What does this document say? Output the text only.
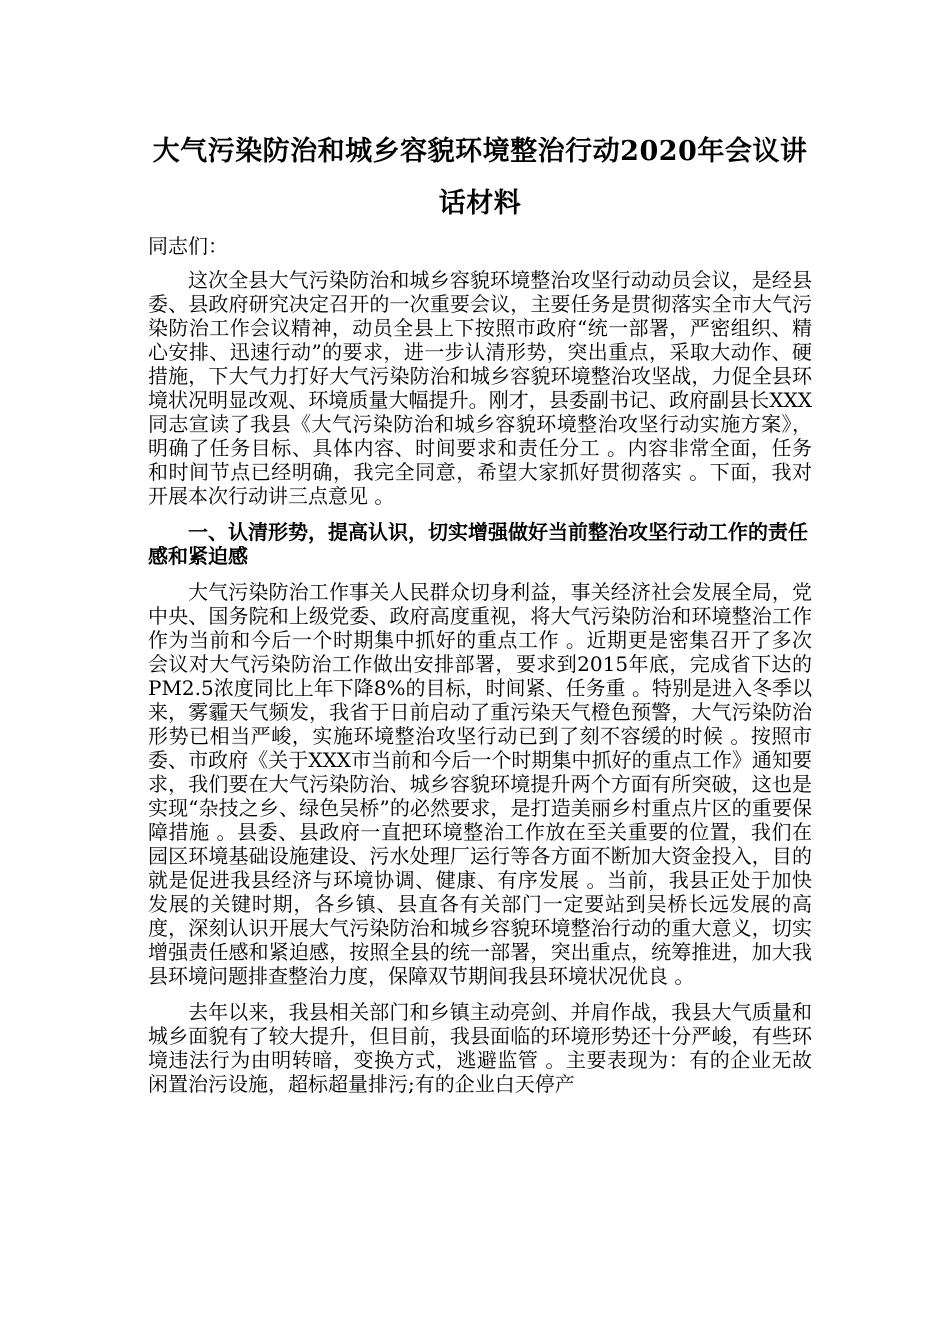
大气污染防治和城乡容貌环境整治行动2020年会议讲话材料

同志们：

这次全县大气污染防治和城乡容貌环境整治攻坚行动动员会议，是经县委、县政府研究决定召开的一次重要会议，主要任务是贯彻落实全市大气污染防治工作会议精神，动员全县上下按照市政府“统一部署，严密组织、精心安排、迅速行动”的要求，进一步认清形势，突出重点，采取大动作、硬措施，下大气力打好大气污染防治和城乡容貌环境整治攻坚战，力促全县环境状况明显改观、环境质量大幅提升。刚才，县委副书记、政府副县长XXX同志宣读了我县《大气污染防治和城乡容貌环境整治攻坚行动实施方案》，明确了任务目标、具体内容、时间要求和责任分工 。内容非常全面，任务和时间节点已经明确，我完全同意，希望大家抓好贯彻落实 。下面，我对开展本次行动讲三点意见 。

一、认清形势，提高认识，切实增强做好当前整治攻坚行动工作的责任感和紧迫感

大气污染防治工作事关人民群众切身利益，事关经济社会发展全局，党中央、国务院和上级党委、政府高度重视，将大气污染防治和环境整治工作作为当前和今后一个时期集中抓好的重点工作 。近期更是密集召开了多次会议对大气污染防治工作做出安排部署，要求到2015年底，完成省下达的PM2.5浓度同比上年下降8%的目标，时间紧、任务重 。特别是进入冬季以来，雾霾天气频发，我省于日前启动了重污染天气橙色预警，大气污染防治形势已相当严峻，实施环境整治攻坚行动已到了刻不容缓的时候 。按照市委、市政府《关于XXX市当前和今后一个时期集中抓好的重点工作》通知要求，我们要在大气污染防治、城乡容貌环境提升两个方面有所突破，这也是实现“杂技之乡、绿色吴桥”的必然要求，是打造美丽乡村重点片区的重要保障措施 。县委、县政府一直把环境整治工作放在至关重要的位置，我们在园区环境基础设施建设、污水处理厂运行等各方面不断加大资金投入，目的就是促进我县经济与环境协调、健康、有序发展 。当前，我县正处于加快发展的关键时期，各乡镇、县直各有关部门一定要站到吴桥长远发展的高度，深刻认识开展大气污染防治和城乡容貌环境整治行动的重大意义，切实增强责任感和紧迫感，按照全县的统一部署，突出重点，统筹推进，加大我县环境问题排查整治力度，保障双节期间我县环境状况优良 。

去年以来，我县相关部门和乡镇主动亮剑、并肩作战，我县大气质量和城乡面貌有了较大提升，但目前，我县面临的环境形势还十分严峻，有些环境违法行为由明转暗，变换方式，逃避监管 。主要表现为：有的企业无故闲置治污设施，超标超量排污;有的企业白天停产
